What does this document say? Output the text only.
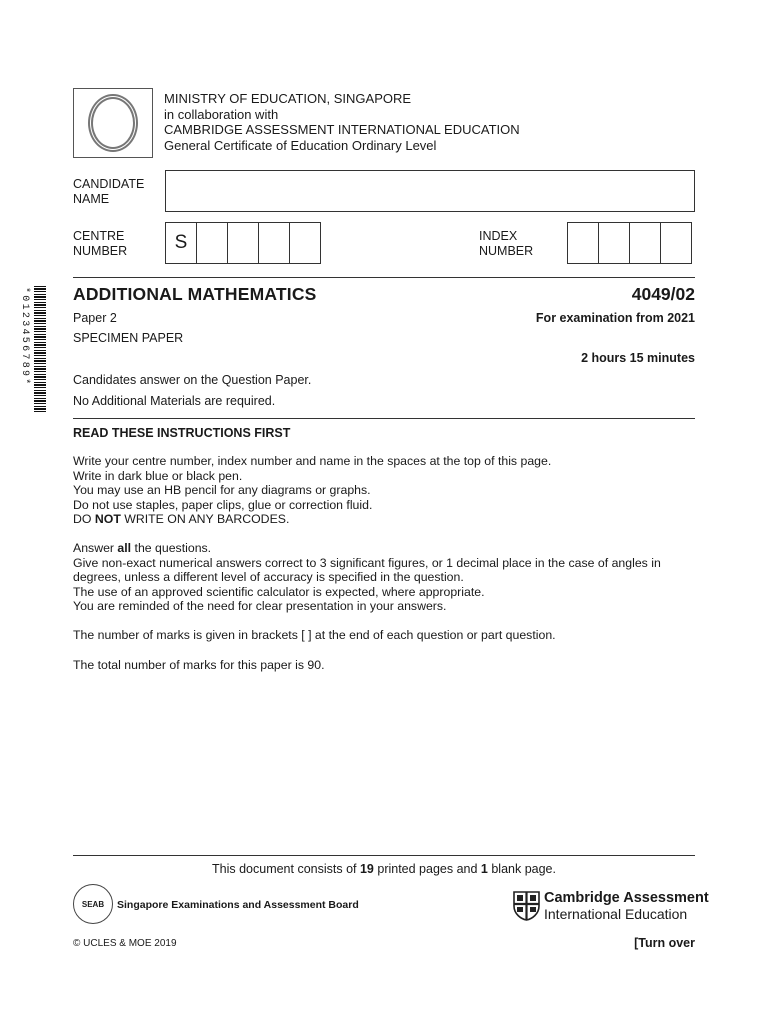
MINISTRY OF EDUCATION, SINGAPORE
in collaboration with
CAMBRIDGE ASSESSMENT INTERNATIONAL EDUCATION
General Certificate of Education Ordinary Level
CANDIDATE
NAME
CENTRE
NUMBER	S	INDEX
NUMBER
*0123456789* ADDITIONAL MATHEMATICS	4049/02
Paper 2	For examination from 2021
SPECIMEN PAPER
2 hours 15 minutes
Candidates answer on the Question Paper.
No Additional Materials are required.
READ THESE INSTRUCTIONS FIRST

Write your centre number, index number and name in the spaces at the top of this page.

Write in dark blue or black pen.

You may use an HB pencil for any diagrams or graphs.

Do not use staples, paper clips, glue or correction fluid.

DO NOT WRITE ON ANY BARCODES.

Answer all the questions.

Give non-exact numerical answers correct to 3 significant figures, or 1 decimal place in the case of angles in

degrees, unless a different level of accuracy is specified in the question.

The use of an approved scientific calculator is expected, where appropriate.

You are reminded of the need for clear presentation in your answers.

The number of marks is given in brackets [ ] at the end of each question or part question.
The total number of marks for this paper is 90.
This document consists of 19 printed pages and 1 blank page.
SEAB Singapore Examinations and Assessment Board	Cambridge Assessment
International Education
© UCLES & MOE 2019	[Turn over
